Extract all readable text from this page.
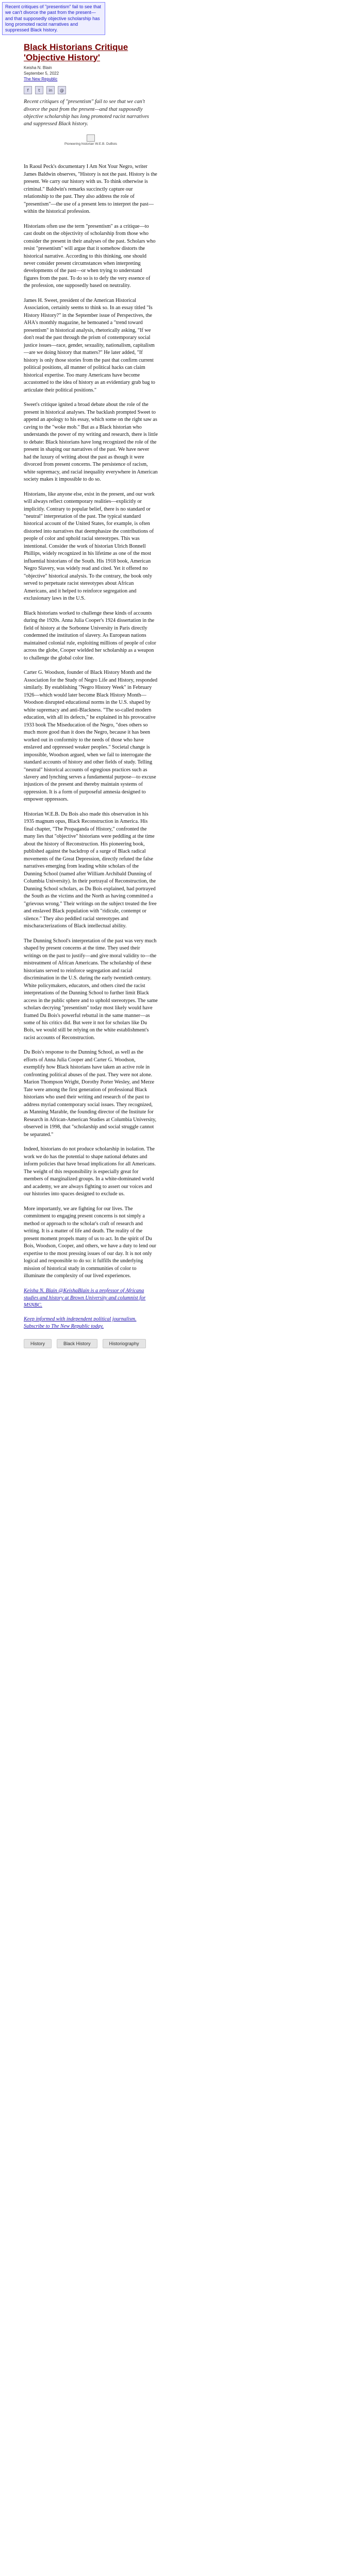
Recent critiques of "presentism" fail to see that we can't divorce the past from the present—and that supposedly objective scholarship has long promoted racist narratives and suppressed Black history.
Black Historians Critique 'Objective History'
Keisha N. Blain
September 5, 2022
The New Republic
f	t	in	@

Recent critiques of "presentism" fail to see that we can't divorce the past from the present—and that supposedly objective scholarship has long promoted racist narratives and suppressed Black history.

Pioneering historian W.E.B. DuBois

In Raoul Peck's documentary I Am Not Your Negro, writer James Baldwin observes, "History is not the past. History is the present. We carry our history with us. To think otherwise is criminal." Baldwin's remarks succinctly capture our relationship to the past. They also address the role of "presentism"—the use of a present lens to interpret the past—within the historical profession.

Historians often use the term "presentism" as a critique—to cast doubt on the objectivity of scholarship from those who consider the present in their analyses of the past. Scholars who resist "presentism" will argue that it somehow distorts the historical narrative. According to this thinking, one should never consider present circumstances when interpreting developments of the past—or when trying to understand figures from the past. To do so is to defy the very essence of the profession, one supposedly based on neutrality.

James H. Sweet, president of the American Historical Association, certainly seems to think so. In an essay titled "Is History History?" in the September issue of Perspectives, the AHA's monthly magazine, he bemoaned a "trend toward presentism" in historical analysis, rhetorically asking, "If we don't read the past through the prism of contemporary social justice issues—race, gender, sexuality, nationalism, capitalism—are we doing history that matters?" He later added, "If history is only those stories from the past that confirm current political positions, all manner of political hacks can claim historical expertise. Too many Americans have become accustomed to the idea of history as an evidentiary grab bag to articulate their political positions."

Sweet's critique ignited a broad debate about the role of the present in historical analyses. The backlash prompted Sweet to append an apology to his essay, which some on the right saw as caving to the "woke mob." But as a Black historian who understands the power of my writing and research, there is little to debate: Black historians have long recognized the role of the present in shaping our narratives of the past. We have never had the luxury of writing about the past as though it were divorced from present concerns. The persistence of racism, white supremacy, and racial inequality everywhere in American society makes it impossible to do so.

Historians, like anyone else, exist in the present, and our work will always reflect contemporary realities—explicitly or implicitly. Contrary to popular belief, there is no standard or "neutral" interpretation of the past. The typical standard historical account of the United States, for example, is often distorted into narratives that deemphasize the contributions of people of color and uphold racial stereotypes. This was intentional. Consider the work of historian Ulrich Bonnell Phillips, widely recognized in his lifetime as one of the most influential historians of the South. His 1918 book, American Negro Slavery, was widely read and cited. Yet it offered no "objective" historical analysis. To the contrary, the book only served to perpetuate racist stereotypes about African Americans, and it helped to reinforce segregation and exclusionary laws in the U.S.

Black historians worked to challenge these kinds of accounts during the 1920s. Anna Julia Cooper's 1924 dissertation in the field of history at the Sorbonne University in Paris directly condemned the institution of slavery. As European nations maintained colonial rule, exploiting millions of people of color across the globe, Cooper wielded her scholarship as a weapon to challenge the global color line.

Carter G. Woodson, founder of Black History Month and the Association for the Study of Negro Life and History, responded similarly. By establishing "Negro History Week" in February 1926—which would later become Black History Month—Woodson disrupted educational norms in the U.S. shaped by white supremacy and anti-Blackness. "The so-called modern education, with all its defects," he explained in his provocative 1933 book The Miseducation of the Negro, "does others so much more good than it does the Negro, because it has been worked out in conformity to the needs of those who have enslaved and oppressed weaker peoples." Societal change is impossible, Woodson argued, when we fail to interrogate the standard accounts of history and other fields of study. Telling "neutral" historical accounts of egregious practices such as slavery and lynching serves a fundamental purpose—to excuse injustices of the present and thereby maintain systems of oppression. It is a form of purposeful amnesia designed to empower oppressors.

Historian W.E.B. Du Bois also made this observation in his 1935 magnum opus, Black Reconstruction in America. His final chapter, "The Propaganda of History," confronted the many lies that "objective" historians were peddling at the time about the history of Reconstruction. His pioneering book, published against the backdrop of a surge of Black radical movements of the Great Depression, directly refuted the false narratives emerging from leading white scholars of the Dunning School (named after William Archibald Dunning of Columbia University). In their portrayal of Reconstruction, the Dunning School scholars, as Du Bois explained, had portrayed the South as the victims and the North as having committed a "grievous wrong." Their writings on the subject treated the free and enslaved Black population with "ridicule, contempt or silence." They also peddled racial stereotypes and mischaracterizations of Black intellectual ability.

The Dunning School's interpretation of the past was very much shaped by present concerns at the time. They used their writings on the past to justify—and give moral validity to—the mistreatment of African Americans. The scholarship of these historians served to reinforce segregation and racial discrimination in the U.S. during the early twentieth century. White policymakers, educators, and others cited the racist interpretations of the Dunning School to further limit Black access in the public sphere and to uphold stereotypes. The same scholars decrying "presentism" today most likely would have framed Du Bois's powerful rebuttal in the same manner—as some of his critics did. But were it not for scholars like Du Bois, we would still be relying on the white establishment's racist accounts of Reconstruction.

Du Bois's response to the Dunning School, as well as the efforts of Anna Julia Cooper and Carter G. Woodson, exemplify how Black historians have taken an active role in confronting political abuses of the past. They were not alone. Marion Thompson Wright, Dorothy Porter Wesley, and Merze Tate were among the first generation of professional Black historians who used their writing and research of the past to address myriad contemporary social issues. They recognized, as Manning Marable, the founding director of the Institute for Research in African-American Studies at Columbia University, observed in 1998, that "scholarship and social struggle cannot be separated."

Indeed, historians do not produce scholarship in isolation. The work we do has the potential to shape national debates and inform policies that have broad implications for all Americans. The weight of this responsibility is especially great for members of marginalized groups. In a white-dominated world and academy, we are always fighting to assert our voices and our histories into spaces designed to exclude us.

More importantly, we are fighting for our lives. The commitment to engaging present concerns is not simply a method or approach to the scholar's craft of research and writing. It is a matter of life and death. The reality of the present moment propels many of us to act. In the spirit of Du Bois, Woodson, Cooper, and others, we have a duty to lend our expertise to the most pressing issues of our day. It is not only logical and responsible to do so: it fulfills the underlying mission of historical study in communities of color to illuminate the complexity of our lived experiences.

Keisha N. Blain @KeishaBlain is a professor of Africana studies and history at Brown University and columnist for MSNBC.

Keep informed with independent political journalism. Subscribe to The New Republic today.

History	Black History	Historiography
